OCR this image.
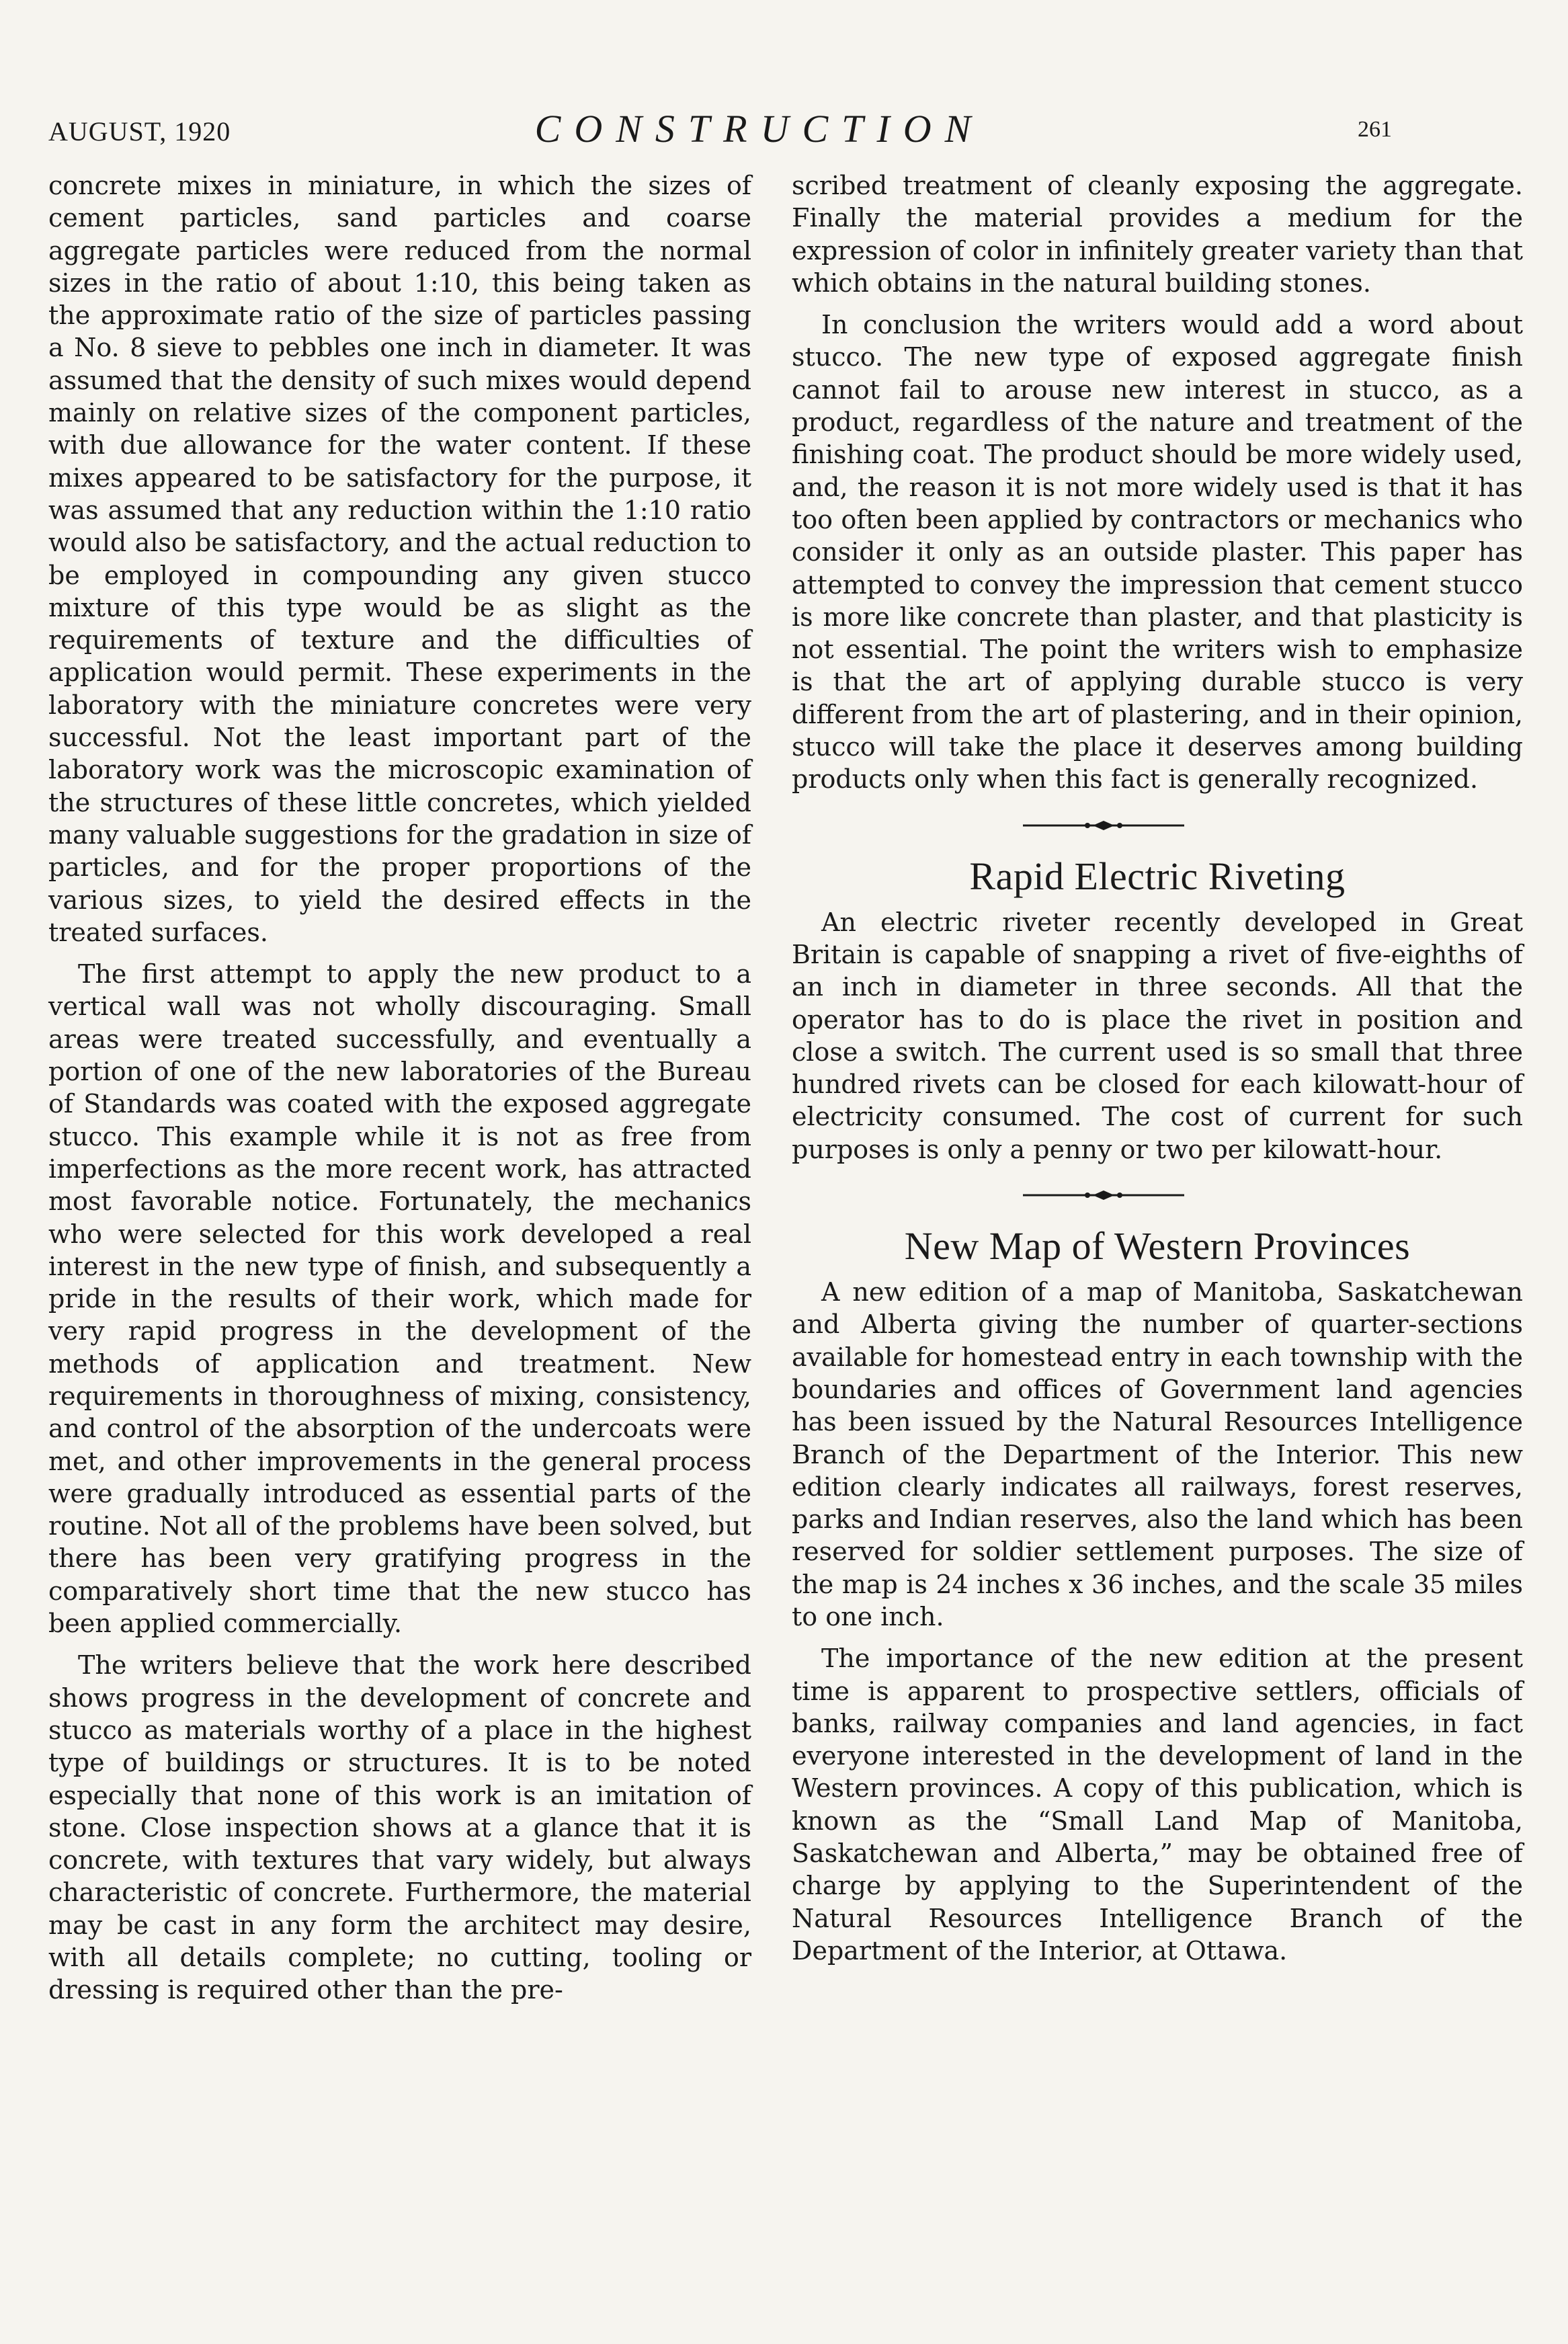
AUGUST, 1920	CONSTRUCTION	261

concrete mixes in miniature, in which the sizes of cement particles, sand particles and coarse aggregate particles were reduced from the normal sizes in the ratio of about 1:10, this being taken as the approximate ratio of the size of particles passing a No. 8 sieve to pebbles one inch in diameter. It was assumed that the density of such mixes would depend mainly on relative sizes of the component particles, with due allowance for the water content. If these mixes appeared to be satisfactory for the purpose, it was assumed that any reduction within the 1:10 ratio would also be satisfactory, and the actual reduction to be employed in compounding any given stucco mixture of this type would be as slight as the requirements of texture and the difficulties of application would permit. These experiments in the laboratory with the miniature concretes were very successful. Not the least important part of the laboratory work was the microscopic examination of the structures of these little concretes, which yielded many valuable suggestions for the gradation in size of particles, and for the proper proportions of the various sizes, to yield the desired effects in the treated surfaces.

The first attempt to apply the new product to a vertical wall was not wholly discouraging. Small areas were treated successfully, and eventually a portion of one of the new laboratories of the Bureau of Standards was coated with the exposed aggregate stucco. This example while it is not as free from imperfections as the more recent work, has attracted most favorable notice. Fortunately, the mechanics who were selected for this work developed a real interest in the new type of finish, and subsequently a pride in the results of their work, which made for very rapid progress in the development of the methods of application and treatment. New requirements in thoroughness of mixing, consistency, and control of the absorption of the undercoats were met, and other improvements in the general process were gradually introduced as essential parts of the routine. Not all of the problems have been solved, but there has been very gratifying progress in the comparatively short time that the new stucco has been applied commercially.

The writers believe that the work here described shows progress in the development of concrete and stucco as materials worthy of a place in the highest type of buildings or structures. It is to be noted especially that none of this work is an imitation of stone. Close inspection shows at a glance that it is concrete, with textures that vary widely, but always characteristic of concrete. Furthermore, the material may be cast in any form the architect may desire, with all details complete; no cutting, tooling or dressing is required other than the pre-

scribed treatment of cleanly exposing the aggregate. Finally the material provides a medium for the expression of color in infinitely greater variety than that which obtains in the natural building stones.

In conclusion the writers would add a word about stucco. The new type of exposed aggregate finish cannot fail to arouse new interest in stucco, as a product, regardless of the nature and treatment of the finishing coat. The product should be more widely used, and, the reason it is not more widely used is that it has too often been applied by contractors or mechanics who consider it only as an outside plaster. This paper has attempted to convey the impression that cement stucco is more like concrete than plaster, and that plasticity is not essential. The point the writers wish to emphasize is that the art of applying durable stucco is very different from the art of plastering, and in their opinion, stucco will take the place it deserves among building products only when this fact is generally recognized.

Rapid Electric Riveting

An electric riveter recently developed in Great Britain is capable of snapping a rivet of five-eighths of an inch in diameter in three seconds. All that the operator has to do is place the rivet in position and close a switch. The current used is so small that three hundred rivets can be closed for each kilowatt-hour of electricity consumed. The cost of current for such purposes is only a penny or two per kilowatt-hour.

New Map of Western Provinces

A new edition of a map of Manitoba, Saskatchewan and Alberta giving the number of quarter-sections available for homestead entry in each township with the boundaries and offices of Government land agencies has been issued by the Natural Resources Intelligence Branch of the Department of the Interior. This new edition clearly indicates all railways, forest reserves, parks and Indian reserves, also the land which has been reserved for soldier settlement purposes. The size of the map is 24 inches x 36 inches, and the scale 35 miles to one inch.

The importance of the new edition at the present time is apparent to prospective settlers, officials of banks, railway companies and land agencies, in fact everyone interested in the development of land in the Western provinces. A copy of this publication, which is known as the “Small Land Map of Manitoba, Saskatchewan and Alberta,” may be obtained free of charge by applying to the Superintendent of the Natural Resources Intelligence Branch of the Department of the Interior, at Ottawa.
